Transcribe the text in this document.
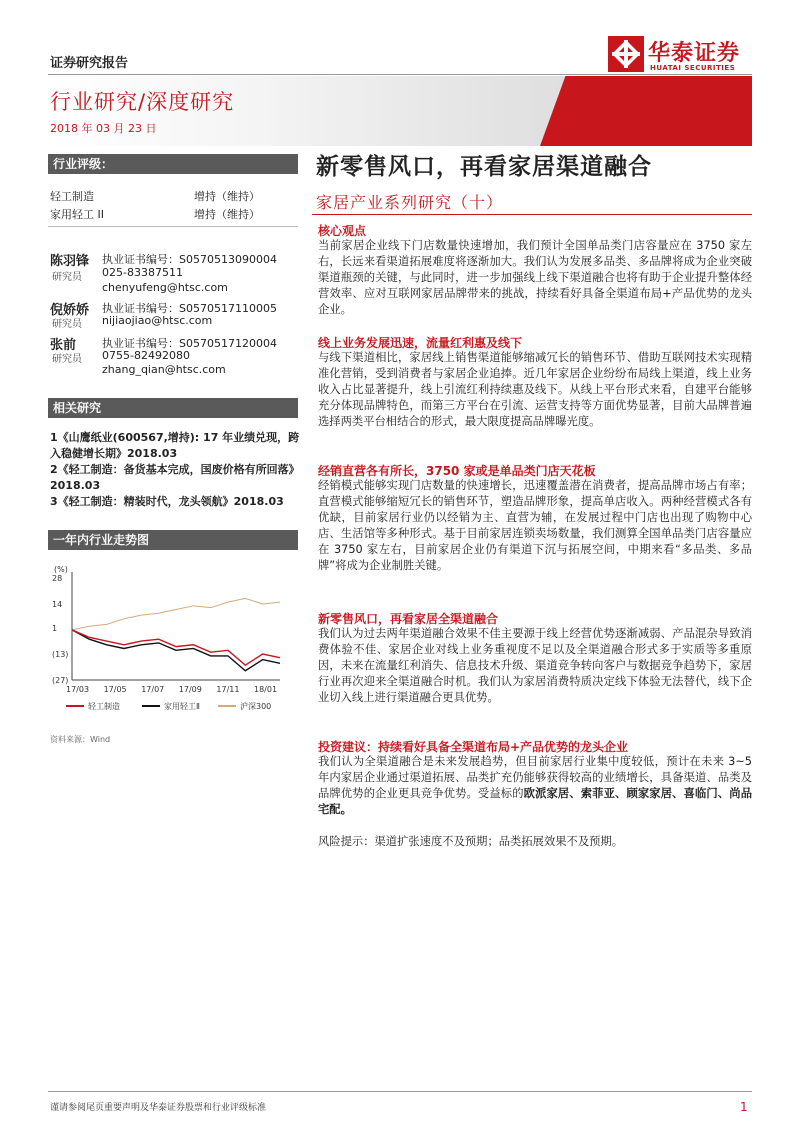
证券研究报告
行业研究/深度研究
2018 年 03 月 23 日
华泰证券
HUATAI SECURITIES
行业评级：
轻工制造	增持（维持）
家用轻工 II	增持（维持）
陈羽锋
研究员
执业证书编号：S0570513090004
025-83387511
chenyufeng@htsc.com
倪娇娇
研究员
执业证书编号：S0570517110005
nijiaojiao@htsc.com
张前
研究员
执业证书编号：S0570517120004
0755-82492080
zhang_qian@htsc.com
相关研究
1《山鹰纸业(600567,增持): 17 年业绩兑现，跨入稳健增长期》2018.03
2《轻工制造：备货基本完成，国废价格有所回落》2018.03
3《轻工制造：精装时代，龙头领航》2018.03
一年内行业走势图
(%)
28
14
1
(13)
(27)
17/03 17/05 17/07 17/09 17/11 18/01
轻工制造	家用轻工Ⅱ	沪深300
资料来源：Wind
新零售风口，再看家居渠道融合
家居产业系列研究（十）
核心观点
当前家居企业线下门店数量快速增加，我们预计全国单品类门店容量应在 3750 家左右，长远来看渠道拓展难度将逐渐加大。我们认为发展多品类、多品牌将成为企业突破渠道瓶颈的关键，与此同时，进一步加强线上线下渠道融合也将有助于企业提升整体经营效率、应对互联网家居品牌带来的挑战，持续看好具备全渠道布局+产品优势的龙头企业。
线上业务发展迅速，流量红利惠及线下
与线下渠道相比，家居线上销售渠道能够缩减冗长的销售环节、借助互联网技术实现精准化营销，受到消费者与家居企业追捧。近几年家居企业纷纷布局线上渠道，线上业务收入占比显著提升，线上引流红利持续惠及线下。从线上平台形式来看，自建平台能够充分体现品牌特色，而第三方平台在引流、运营支持等方面优势显著，目前大品牌普遍选择两类平台相结合的形式，最大限度提高品牌曝光度。
经销直营各有所长，3750 家或是单品类门店天花板
经销模式能够实现门店数量的快速增长，迅速覆盖潜在消费者，提高品牌市场占有率；直营模式能够缩短冗长的销售环节，塑造品牌形象，提高单店收入。两种经营模式各有优缺，目前家居行业仍以经销为主、直营为辅，在发展过程中门店也出现了购物中心店、生活馆等多种形式。基于目前家居连锁卖场数量，我们测算全国单品类门店容量应在 3750 家左右，目前家居企业仍有渠道下沉与拓展空间，中期来看“多品类、多品牌”将成为企业制胜关键。
新零售风口，再看家居全渠道融合
我们认为过去两年渠道融合效果不佳主要源于线上经营优势逐渐减弱、产品混杂导致消费体验不佳、家居企业对线上业务重视度不足以及全渠道融合形式多于实质等多重原因，未来在流量红利消失、信息技术升级、渠道竞争转向客户与数据竞争趋势下，家居行业再次迎来全渠道融合时机。我们认为家居消费特质决定线下体验无法替代，线下企业切入线上进行渠道融合更具优势。
投资建议：持续看好具备全渠道布局+产品优势的龙头企业
我们认为全渠道融合是未来发展趋势，但目前家居行业集中度较低，预计在未来 3~5 年内家居企业通过渠道拓展、品类扩充仍能够获得较高的业绩增长，具备渠道、品类及品牌优势的企业更具竞争优势。受益标的欧派家居、索菲亚、顾家家居、喜临门、尚品宅配。
风险提示：渠道扩张速度不及预期；品类拓展效果不及预期。
谨请参阅尾页重要声明及华泰证券股票和行业评级标准	1
